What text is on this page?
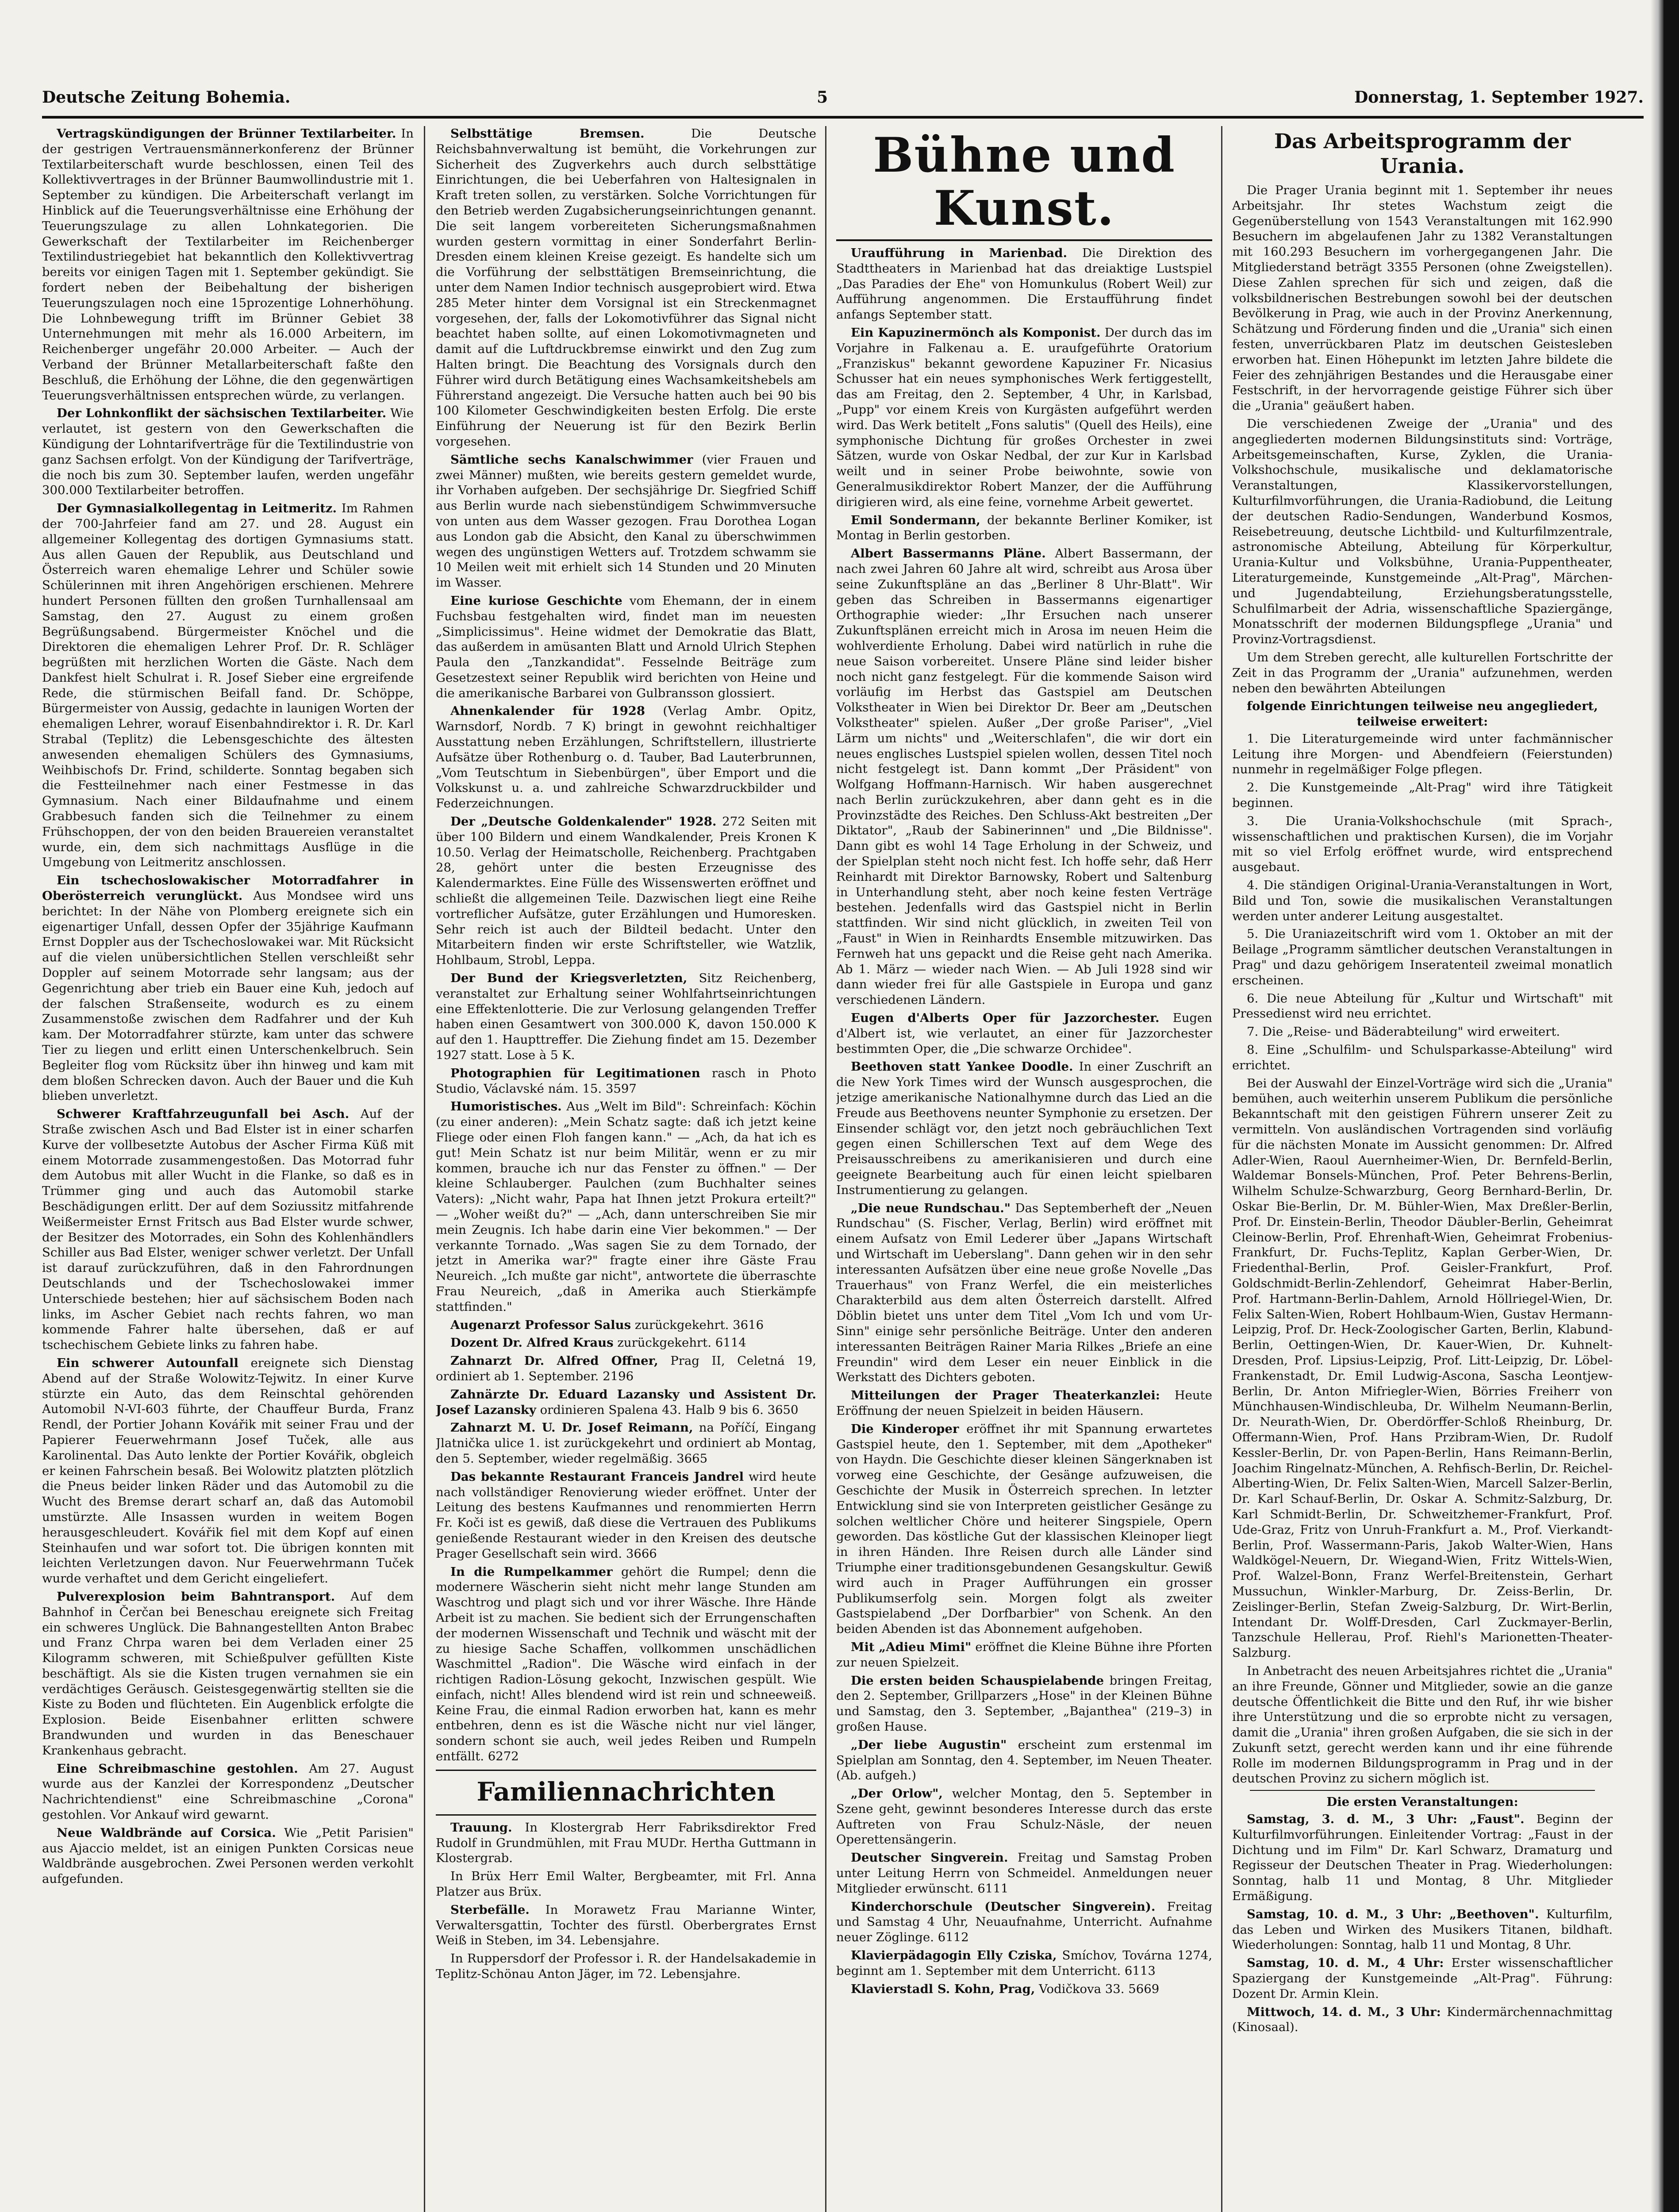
Deutsche Zeitung Bohemia.	5	Donnerstag, 1. September 1927.
Vertragskündigungen der Brünner Textilarbeiter. In der gestrigen Vertrauensmännerkonferenz der Brünner Textilarbeiterschaft wurde beschlossen, einen Teil des Kollektivvertrages in der Brünner Baumwollindustrie mit 1. September zu kündigen. Die Arbeiterschaft verlangt im Hinblick auf die Teuerungsverhältnisse eine Erhöhung der Teuerungszulage zu allen Lohnkategorien. Die Gewerkschaft der Textilarbeiter im Reichenberger Textilindustriegebiet hat bekanntlich den Kollektivvertrag bereits vor einigen Tagen mit 1. September gekündigt. Sie fordert neben der Beibehaltung der bisherigen Teuerungszulagen noch eine 15prozentige Lohnerhöhung. Die Lohnbewegung trifft im Brünner Gebiet 38 Unternehmungen mit mehr als 16.000 Arbeitern, im Reichenberger ungefähr 20.000 Arbeiter. — Auch der Verband der Brünner Metallarbeiterschaft faßte den Beschluß, die Erhöhung der Löhne, die den gegenwärtigen Teuerungsverhältnissen entsprechen würde, zu verlangen.
Der Lohnkonflikt der sächsischen Textilarbeiter. Wie verlautet, ist gestern von den Gewerkschaften die Kündigung der Lohntarifverträge für die Textilindustrie von ganz Sachsen erfolgt. Von der Kündigung der Tarifverträge, die noch bis zum 30. September laufen, werden ungefähr 300.000 Textilarbeiter betroffen.
Der Gymnasialkollegentag in Leitmeritz. Im Rahmen der 700-Jahrfeier fand am 27. und 28. August ein allgemeiner Kollegentag des dortigen Gymnasiums statt. Aus allen Gauen der Republik, aus Deutschland und Österreich waren ehemalige Lehrer und Schüler sowie Schülerinnen mit ihren Angehörigen erschienen. Mehrere hundert Personen füllten den großen Turnhallensaal am Samstag, den 27. August zu einem großen Begrüßungsabend. Bürgermeister Knöchel und die Direktoren die ehemaligen Lehrer Prof. Dr. R. Schläger begrüßten mit herzlichen Worten die Gäste. Nach dem Dankfest hielt Schulrat i. R. Josef Sieber eine ergreifende Rede, die stürmischen Beifall fand. Dr. Schöppe, Bürgermeister von Aussig, gedachte in launigen Worten der ehemaligen Lehrer, worauf Eisenbahndirektor i. R. Dr. Karl Strabal (Teplitz) die Lebensgeschichte des ältesten anwesenden ehemaligen Schülers des Gymnasiums, Weihbischofs Dr. Frind, schilderte. Sonntag begaben sich die Festteilnehmer nach einer Festmesse in das Gymnasium. Nach einer Bildaufnahme und einem Grabbesuch fanden sich die Teilnehmer zu einem Frühschoppen, der von den beiden Brauereien veranstaltet wurde, ein, dem sich nachmittags Ausflüge in die Umgebung von Leitmeritz anschlossen.
Ein tschechoslowakischer Motorradfahrer in Oberösterreich verunglückt. Aus Mondsee wird uns berichtet: In der Nähe von Plomberg ereignete sich ein eigenartiger Unfall, dessen Opfer der 35jährige Kaufmann Ernst Doppler aus der Tschechoslowakei war. Mit Rücksicht auf die vielen unübersichtlichen Stellen verschleißt sehr Doppler auf seinem Motorrade sehr langsam; aus der Gegenrichtung aber trieb ein Bauer eine Kuh, jedoch auf der falschen Straßenseite, wodurch es zu einem Zusammenstoße zwischen dem Radfahrer und der Kuh kam. Der Motorradfahrer stürzte, kam unter das schwere Tier zu liegen und erlitt einen Unterschenkelbruch. Sein Begleiter flog vom Rücksitz über ihn hinweg und kam mit dem bloßen Schrecken davon. Auch der Bauer und die Kuh blieben unverletzt.
Schwerer Kraftfahrzeugunfall bei Asch. Auf der Straße zwischen Asch und Bad Elster ist in einer scharfen Kurve der vollbesetzte Autobus der Ascher Firma Küß mit einem Motorrade zusammengestoßen. Das Motorrad fuhr dem Autobus mit aller Wucht in die Flanke, so daß es in Trümmer ging und auch das Automobil starke Beschädigungen erlitt. Der auf dem Soziussitz mitfahrende Weißermeister Ernst Fritsch aus Bad Elster wurde schwer, der Besitzer des Motorrades, ein Sohn des Kohlenhändlers Schiller aus Bad Elster, weniger schwer verletzt. Der Unfall ist darauf zurückzuführen, daß in den Fahrordnungen Deutschlands und der Tschechoslowakei immer Unterschiede bestehen; hier auf sächsischem Boden nach links, im Ascher Gebiet nach rechts fahren, wo man kommende Fahrer halte übersehen, daß er auf tschechischem Gebiete links zu fahren habe.
Ein schwerer Autounfall ereignete sich Dienstag Abend auf der Straße Wolowitz-Tejwitz. In einer Kurve stürzte ein Auto, das dem Reinschtal gehörenden Automobil N-VI-603 führte, der Chauffeur Burda, Franz Rendl, der Portier Johann Kovářik mit seiner Frau und der Papierer Feuerwehrmann Josef Tuček, alle aus Karolinental. Das Auto lenkte der Portier Kovářik, obgleich er keinen Fahrschein besaß. Bei Wolowitz platzten plötzlich die Pneus beider linken Räder und das Automobil zu die Wucht des Bremse derart scharf an, daß das Automobil umstürzte. Alle Insassen wurden in weitem Bogen herausgeschleudert. Kovářik fiel mit dem Kopf auf einen Steinhaufen und war sofort tot. Die übrigen konnten mit leichten Verletzungen davon. Nur Feuerwehrmann Tuček wurde verhaftet und dem Gericht eingeliefert.
Pulverexplosion beim Bahntransport. Auf dem Bahnhof in Čerčan bei Beneschau ereignete sich Freitag ein schweres Unglück. Die Bahnangestellten Anton Brabec und Franz Chrpa waren bei dem Verladen einer 25 Kilogramm schweren, mit Schießpulver gefüllten Kiste beschäftigt. Als sie die Kisten trugen vernahmen sie ein verdächtiges Geräusch. Geistesgegenwärtig stellten sie die Kiste zu Boden und flüchteten. Ein Augenblick erfolgte die Explosion. Beide Eisenbahner erlitten schwere Brandwunden und wurden in das Beneschauer Krankenhaus gebracht.
Eine Schreibmaschine gestohlen. Am 27. August wurde aus der Kanzlei der Korrespondenz „Deutscher Nachrichtendienst" eine Schreibmaschine „Corona" gestohlen. Vor Ankauf wird gewarnt.
Neue Waldbrände auf Corsica. Wie „Petit Parisien" aus Ajaccio meldet, ist an einigen Punkten Corsicas neue Waldbrände ausgebrochen. Zwei Personen werden verkohlt aufgefunden.
Selbsttätige Bremsen.	Die Deutsche Reichsbahnverwaltung ist bemüht, die Vorkehrungen zur Sicherheit des Zugverkehrs auch durch selbsttätige Einrichtungen, die bei Ueberfahren von Haltesignalen in Kraft treten sollen, zu verstärken. Solche Vorrichtungen für den Betrieb werden Zugabsicherungseinrichtungen genannt. Die seit langem vorbereiteten Sicherungsmaßnahmen wurden gestern vormittag in einer Sonderfahrt Berlin-Dresden einem kleinen Kreise gezeigt. Es handelte sich um die Vorführung der selbsttätigen Bremseinrichtung, die unter dem Namen Indior technisch ausgeprobiert wird. Etwa 285 Meter hinter dem Vorsignal ist ein Streckenmagnet vorgesehen, der, falls der Lokomotivführer das Signal nicht beachtet haben sollte, auf einen Lokomotivmagneten und damit auf die Luftdruckbremse einwirkt und den Zug zum Halten bringt. Die Beachtung des Vorsignals durch den Führer wird durch Betätigung eines Wachsamkeitshebels am Führerstand angezeigt. Die Versuche hatten auch bei 90 bis 100 Kilometer Geschwindigkeiten besten Erfolg. Die erste Einführung der Neuerung ist für den Bezirk Berlin vorgesehen.
Sämtliche sechs Kanalschwimmer (vier Frauen und zwei Männer) mußten, wie bereits gestern gemeldet wurde, ihr Vorhaben aufgeben. Der sechsjährige Dr. Siegfried Schiff aus Berlin wurde nach siebenstündigem Schwimmversuche von unten aus dem Wasser gezogen. Frau Dorothea Logan aus London gab die Absicht, den Kanal zu überschwimmen wegen des ungünstigen Wetters auf. Trotzdem schwamm sie 10 Meilen weit mit erhielt sich 14 Stunden und 20 Minuten im Wasser.
Eine kuriose Geschichte vom Ehemann, der in einem Fuchsbau festgehalten wird, findet man im neuesten „Simplicissimus". Heine widmet der Demokratie das Blatt, das außerdem in amüsanten Blatt und Arnold Ulrich Stephen Paula den „Tanzkandidat". Fesselnde Beiträge zum Gesetzestext seiner Republik wird berichten von Heine und die amerikanische Barbarei von Gulbransson glossiert.
Ahnenkalender für 1928 (Verlag Ambr. Opitz, Warnsdorf, Nordb. 7 K) bringt in gewohnt reichhaltiger Ausstattung neben Erzählungen, Schriftstellern, illustrierte Aufsätze über Rothenburg o. d. Tauber, Bad Lauterbrunnen, „Vom Teutschtum in Siebenbürgen", über Emport und die Volkskunst u. a. und zahlreiche Schwarzdruckbilder und Federzeichnungen.
Der „Deutsche Goldenkalender" 1928. 272 Seiten mit über 100 Bildern und einem Wandkalender, Preis Kronen K 10.50. Verlag der Heimatscholle, Reichenberg. Prachtgaben 28, gehört unter die besten Erzeugnisse des Kalendermarktes. Eine Fülle des Wissenswerten eröffnet und schließt die allgemeinen Teile. Dazwischen liegt eine Reihe vortreflicher Aufsätze, guter Erzählungen und Humoresken. Sehr reich ist auch der Bildteil bedacht. Unter den Mitarbeitern finden wir erste Schriftsteller, wie Watzlik, Hohlbaum, Strobl, Leppa.
Der Bund der Kriegsverletzten, Sitz Reichenberg, veranstaltet zur Erhaltung seiner Wohlfahrtseinrichtungen eine Effektenlotterie. Die zur Verlosung gelangenden Treffer haben einen Gesamtwert von 300.000 K, davon 150.000 K auf den 1. Haupttreffer. Die Ziehung findet am 15. Dezember 1927 statt. Lose à 5 K.
Photographien für Legitimationen rasch in Photo Studio, Václavské nám. 15. 3597
Humoristisches. Aus „Welt im Bild": Schreinfach: Köchin (zu einer anderen): „Mein Schatz sagte: daß ich jetzt keine Fliege oder einen Floh fangen kann." — „Ach, da hat ich es gut! Mein Schatz ist nur beim Militär, wenn er zu mir kommen, brauche ich nur das Fenster zu öffnen." — Der kleine Schlauberger. Paulchen (zum Buchhalter seines Vaters): „Nicht wahr, Papa hat Ihnen jetzt Prokura erteilt?" — „Woher weißt du?" — „Ach, dann unterschreiben Sie mir mein Zeugnis. Ich habe darin eine Vier bekommen." — Der verkannte Tornado. „Was sagen Sie zu dem Tornado, der jetzt in Amerika war?" fragte einer ihre Gäste Frau Neureich. „Ich mußte gar nicht", antwortete die überraschte Frau Neureich, „daß in Amerika auch Stierkämpfe stattfinden."
Augenarzt Professor Salus zurückgekehrt. 3616
Dozent Dr. Alfred Kraus zurückgekehrt. 6114
Zahnarzt Dr. Alfred Offner, Prag II, Celetná 19, ordiniert ab 1. September. 2196
Zahnärzte Dr. Eduard Lazansky und Assistent Dr. Josef Lazansky ordinieren Spalena 43. Halb 9 bis 6. 3650
Zahnarzt M. U. Dr. Josef Reimann, na Poříčí, Eingang Jlatnička ulice 1. ist zurückgekehrt und ordiniert ab Montag, den 5. September, wieder regelmäßig. 3665
Das bekannte Restaurant Franceis Jandrel wird heute nach vollständiger Renovierung wieder eröffnet. Unter der Leitung des bestens Kaufmannes und renommierten Herrn Fr. Koči ist es gewiß, daß diese die Vertrauen des Publikums genießende Restaurant wieder in den Kreisen des deutsche Prager Gesellschaft sein wird. 3666
In die Rumpelkammer gehört die Rumpel; denn die modernere Wäscherin sieht nicht mehr lange Stunden am Waschtrog und plagt sich und vor ihrer Wäsche. Ihre Hände Arbeit ist zu machen. Sie bedient sich der Errungenschaften der modernen Wissenschaft und Technik und wäscht mit der zu hiesige Sache Schaffen, vollkommen unschädlichen Waschmittel „Radion". Die Wäsche wird einfach in der richtigen Radion-Lösung gekocht, Inzwischen gespült. Wie einfach, nicht! Alles blendend wird ist rein und schneeweiß. Keine Frau, die einmal Radion erworben hat, kann es mehr entbehren, denn es ist die Wäsche nicht nur viel länger, sondern schont sie auch, weil jedes Reiben und Rumpeln entfällt. 6272
Familiennachrichten
Trauung. In Klostergrab Herr Fabriksdirektor Fred Rudolf in Grundmühlen, mit Frau MUDr. Hertha Guttmann in Klostergrab.
In Brüx Herr Emil Walter, Bergbeamter, mit Frl. Anna Platzer aus Brüx.
Sterbefälle. In Morawetz Frau Marianne Winter, Verwaltersgattin, Tochter des fürstl. Oberbergrates Ernst Weiß in Steben, im 34. Lebensjahre.
In Ruppersdorf der Professor i. R. der Handelsakademie in Teplitz-Schönau Anton Jäger, im 72. Lebensjahre.
Bühne und Kunst.
Uraufführung in Marienbad. Die Direktion des Stadttheaters in Marienbad hat das dreiaktige Lustspiel „Das Paradies der Ehe" von Homunkulus (Robert Weil) zur Aufführung angenommen. Die Erstaufführung findet anfangs September statt.
Ein Kapuzinermönch als Komponist. Der durch das im Vorjahre in Falkenau a. E. uraufgeführte Oratorium „Franziskus" bekannt gewordene Kapuziner Fr. Nicasius Schusser hat ein neues symphonisches Werk fertiggestellt, das am Freitag, den 2. September, 4 Uhr, in Karlsbad, „Pupp" vor einem Kreis von Kurgästen aufgeführt werden wird. Das Werk betitelt „Fons salutis" (Quell des Heils), eine symphonische Dichtung für großes Orchester in zwei Sätzen, wurde von Oskar Nedbal, der zur Kur in Karlsbad weilt und in seiner Probe beiwohnte, sowie von Generalmusikdirektor Robert Manzer, der die Aufführung dirigieren wird, als eine feine, vornehme Arbeit gewertet.
Emil Sondermann, der bekannte Berliner Komiker, ist Montag in Berlin gestorben.
Albert Bassermanns Pläne. Albert Bassermann, der nach zwei Jahren 60 Jahre alt wird, schreibt aus Arosa über seine Zukunftspläne an das „Berliner 8 Uhr-Blatt". Wir geben das Schreiben in Bassermanns eigenartiger Orthographie wieder: „Ihr Ersuchen nach unserer Zukunftsplänen erreicht mich in Arosa im neuen Heim die wohlverdiente Erholung. Dabei wird natürlich in ruhe die neue Saison vorbereitet. Unsere Pläne sind leider bisher noch nicht ganz festgelegt. Für die kommende Saison wird vorläufig im Herbst das Gastspiel am Deutschen Volkstheater in Wien bei Direktor Dr. Beer am „Deutschen Volkstheater" spielen. Außer „Der große Pariser", „Viel Lärm um nichts" und „Weiterschlafen", die wir dort ein neues englisches Lustspiel spielen wollen, dessen Titel noch nicht festgelegt ist. Dann kommt „Der Präsident" von Wolfgang Hoffmann-Harnisch. Wir haben ausgerechnet nach Berlin zurückzukehren, aber dann geht es in die Provinzstädte des Reiches. Den Schluss-Akt bestreiten „Der Diktator", „Raub der Sabinerinnen" und „Die Bildnisse". Dann gibt es wohl 14 Tage Erholung in der Schweiz, und der Spielplan steht noch nicht fest. Ich hoffe sehr, daß Herr Reinhardt mit Direktor Barnowsky, Robert und Saltenburg in Unterhandlung steht, aber noch keine festen Verträge bestehen. Jedenfalls wird das Gastspiel nicht in Berlin stattfinden. Wir sind nicht glücklich, in zweiten Teil von „Faust" in Wien in Reinhardts Ensemble mitzuwirken. Das Fernweh hat uns gepackt und die Reise geht nach Amerika. Ab 1. März — wieder nach Wien. — Ab Juli 1928 sind wir dann wieder frei für alle Gastspiele in Europa und ganz verschiedenen Ländern.
Eugen d'Alberts Oper für Jazzorchester. Eugen d'Albert ist, wie verlautet, an einer für Jazzorchester bestimmten Oper, die „Die schwarze Orchidee".
Beethoven statt Yankee Doodle. In einer Zuschrift an die New York Times wird der Wunsch ausgesprochen, die jetzige amerikanische Nationalhymne durch das Lied an die Freude aus Beethovens neunter Symphonie zu ersetzen. Der Einsender schlägt vor, den jetzt noch gebräuchlichen Text gegen einen Schillerschen Text auf dem Wege des Preisausschreibens zu amerikanisieren und durch eine geeignete Bearbeitung auch für einen leicht spielbaren Instrumentierung zu gelangen.
„Die neue Rundschau." Das Septemberheft der „Neuen Rundschau" (S. Fischer, Verlag, Berlin) wird eröffnet mit einem Aufsatz von Emil Lederer über „Japans Wirtschaft und Wirtschaft im Ueberslang". Dann gehen wir in den sehr interessanten Aufsätzen über eine neue große Novelle „Das Trauerhaus" von Franz Werfel, die ein meisterliches Charakterbild aus dem alten Österreich darstellt. Alfred Döblin bietet uns unter dem Titel „Vom Ich und vom Ur-Sinn" einige sehr persönliche Beiträge. Unter den anderen interessanten Beiträgen Rainer Maria Rilkes „Briefe an eine Freundin" wird dem Leser ein neuer Einblick in die Werkstatt des Dichters geboten.
Mitteilungen der Prager Theaterkanzlei: Heute Eröffnung der neuen Spielzeit in beiden Häusern.
Die Kinderoper eröffnet ihr mit Spannung erwartetes Gastspiel heute, den 1. September, mit dem „Apotheker" von Haydn. Die Geschichte dieser kleinen Sängerknaben ist vorweg eine Geschichte, der Gesänge aufzuweisen, die Geschichte der Musik in Österreich sprechen. In letzter Entwicklung sind sie von Interpreten geistlicher Gesänge zu solchen weltlicher Chöre und heiterer Singspiele, Opern geworden. Das köstliche Gut der klassischen Kleinoper liegt in ihren Händen. Ihre Reisen durch alle Länder sind Triumphe einer traditionsgebundenen Gesangskultur. Gewiß wird auch in Prager Aufführungen ein grosser Publikumserfolg sein. Morgen folgt als zweiter Gastspielabend „Der Dorfbarbier" von Schenk. An den beiden Abenden ist das Abonnement aufgehoben.
Mit „Adieu Mimi" eröffnet die Kleine Bühne ihre Pforten zur neuen Spielzeit.
Die ersten beiden Schauspielabende bringen Freitag, den 2. September, Grillparzers „Hose" in der Kleinen Bühne und Samstag, den 3. September, „Bajanthea" (219–3) in großen Hause.
„Der liebe Augustin" erscheint zum erstenmal im Spielplan am Sonntag, den 4. September, im Neuen Theater. (Ab. aufgeh.)
„Der Orlow", welcher Montag, den 5. September in Szene geht, gewinnt besonderes Interesse durch das erste Auftreten von Frau Schulz-Näsle, der neuen Operettensängerin.
Deutscher Singverein. Freitag und Samstag Proben unter Leitung Herrn von Schmeidel. Anmeldungen neuer Mitglieder erwünscht. 6111
Kinderchorschule (Deutscher Singverein). Freitag und Samstag 4 Uhr, Neuaufnahme, Unterricht. Aufnahme neuer Zöglinge. 6112
Klavierpädagogin Elly Cziska, Smíchov, Továrna 1274, beginnt am 1. September mit dem Unterricht. 6113
Klavierstadl S. Kohn, Prag, Vodičkova 33. 5669
Das Arbeitsprogramm der Urania.
Die Prager Urania beginnt mit 1. September ihr neues Arbeitsjahr. Ihr stetes Wachstum zeigt die Gegenüberstellung von 1543 Veranstaltungen mit 162.990 Besuchern im abgelaufenen Jahr zu 1382 Veranstaltungen mit 160.293 Besuchern im vorhergegangenen Jahr. Die Mitgliederstand beträgt 3355 Personen (ohne Zweigstellen). Diese Zahlen sprechen für sich und zeigen, daß die volksbildnerischen Bestrebungen sowohl bei der deutschen Bevölkerung in Prag, wie auch in der Provinz Anerkennung, Schätzung und Förderung finden und die „Urania" sich einen festen, unverrückbaren Platz im deutschen Geistesleben erworben hat. Einen Höhepunkt im letzten Jahre bildete die Feier des zehnjährigen Bestandes und die Herausgabe einer Festschrift, in der hervorragende geistige Führer sich über die „Urania" geäußert haben.
Die verschiedenen Zweige der „Urania" und des angegliederten modernen Bildungsinstituts sind: Vorträge, Arbeitsgemeinschaften, Kurse, Zyklen, die Urania-Volkshochschule, musikalische und deklamatorische Veranstaltungen, Klassikervorstellungen, Kulturfilmvorführungen, die Urania-Radiobund, die Leitung der deutschen Radio-Sendungen, Wanderbund Kosmos, Reisebetreuung, deutsche Lichtbild- und Kulturfilmzentrale, astronomische Abteilung, Abteilung für Körperkultur, Urania-Kultur und Volksbühne, Urania-Puppentheater, Literaturgemeinde, Kunstgemeinde „Alt-Prag", Märchen- und Jugendabteilung, Erziehungsberatungsstelle, Schulfilmarbeit der Adria, wissenschaftliche Spaziergänge, Monatsschrift der modernen Bildungspflege „Urania" und Provinz-Vortragsdienst.
Um dem Streben gerecht, alle kulturellen Fortschritte der Zeit in das Programm der „Urania" aufzunehmen, werden neben den bewährten Abteilungen
folgende Einrichtungen teilweise neu angegliedert, teilweise erweitert:
1. Die Literaturgemeinde wird unter fachmännischer Leitung ihre Morgen- und Abendfeiern (Feierstunden) nunmehr in regelmäßiger Folge pflegen.
2. Die Kunstgemeinde „Alt-Prag" wird ihre Tätigkeit beginnen.
3. Die Urania-Volkshochschule (mit Sprach-, wissenschaftlichen und praktischen Kursen), die im Vorjahr mit so viel Erfolg eröffnet wurde, wird entsprechend ausgebaut.
4. Die ständigen Original-Urania-Veranstaltungen in Wort, Bild und Ton, sowie die musikalischen Veranstaltungen werden unter anderer Leitung ausgestaltet.
5. Die Uraniazeitschrift wird vom 1. Oktober an mit der Beilage „Programm sämtlicher deutschen Veranstaltungen in Prag" und dazu gehörigem Inseratenteil zweimal monatlich erscheinen.
6. Die neue Abteilung für „Kultur und Wirtschaft" mit Pressedienst wird neu errichtet.
7. Die „Reise- und Bäderabteilung" wird erweitert.
8. Eine „Schulfilm- und Schulsparkasse-Abteilung" wird errichtet.
Bei der Auswahl der Einzel-Vorträge wird sich die „Urania" bemühen, auch weiterhin unserem Publikum die persönliche Bekanntschaft mit den geistigen Führern unserer Zeit zu vermitteln. Von ausländischen Vortragenden sind vorläufig für die nächsten Monate im Aussicht genommen: Dr. Alfred Adler-Wien, Raoul Auernheimer-Wien, Dr. Bernfeld-Berlin, Waldemar Bonsels-München, Prof. Peter Behrens-Berlin, Wilhelm Schulze-Schwarzburg, Georg Bernhard-Berlin, Dr. Oskar Bie-Berlin, Dr. M. Bühler-Wien, Max Dreßler-Berlin, Prof. Dr. Einstein-Berlin, Theodor Däubler-Berlin, Geheimrat Cleinow-Berlin, Prof. Ehrenhaft-Wien, Geheimrat Frobenius-Frankfurt, Dr. Fuchs-Teplitz, Kaplan Gerber-Wien, Dr. Friedenthal-Berlin, Prof. Geisler-Frankfurt, Prof. Goldschmidt-Berlin-Zehlendorf, Geheimrat Haber-Berlin, Prof. Hartmann-Berlin-Dahlem, Arnold Höllriegel-Wien, Dr. Felix Salten-Wien, Robert Hohlbaum-Wien, Gustav Hermann-Leipzig, Prof. Dr. Heck-Zoologischer Garten, Berlin, Klabund-Berlin, Oettingen-Wien, Dr. Kauer-Wien, Dr. Kuhnelt-Dresden, Prof. Lipsius-Leipzig, Prof. Litt-Leipzig, Dr. Löbel-Frankenstadt, Dr. Emil Ludwig-Ascona, Sascha Leontjew-Berlin, Dr. Anton Mifriegler-Wien, Börries Freiherr von Münchhausen-Windischleuba, Dr. Wilhelm Neumann-Berlin, Dr. Neurath-Wien, Dr. Oberdörffer-Schloß Rheinburg, Dr. Offermann-Wien, Prof. Hans Przibram-Wien, Dr. Rudolf Kessler-Berlin, Dr. von Papen-Berlin, Hans Reimann-Berlin, Joachim Ringelnatz-München, A. Rehfisch-Berlin, Dr. Reichel-Alberting-Wien, Dr. Felix Salten-Wien, Marcell Salzer-Berlin, Dr. Karl Schauf-Berlin, Dr. Oskar A. Schmitz-Salzburg, Dr. Karl Schmidt-Berlin, Dr. Schweitzhemer-Frankfurt, Prof. Ude-Graz, Fritz von Unruh-Frankfurt a. M., Prof. Vierkandt-Berlin, Prof. Wassermann-Paris, Jakob Walter-Wien, Hans Waldkögel-Neuern, Dr. Wiegand-Wien, Fritz Wittels-Wien, Prof. Walzel-Bonn, Franz Werfel-Breitenstein, Gerhart Mussuchun, Winkler-Marburg, Dr. Zeiss-Berlin, Dr. Zeislinger-Berlin, Stefan Zweig-Salzburg, Dr. Wirt-Berlin, Intendant Dr. Wolff-Dresden, Carl Zuckmayer-Berlin, Tanzschule Hellerau, Prof. Riehl's Marionetten-Theater-Salzburg.
In Anbetracht des neuen Arbeitsjahres richtet die „Urania" an ihre Freunde, Gönner und Mitglieder, sowie an die ganze deutsche Öffentlichkeit die Bitte und den Ruf, ihr wie bisher ihre Unterstützung und die so erprobte nicht zu versagen, damit die „Urania" ihren großen Aufgaben, die sie sich in der Zukunft setzt, gerecht werden kann und ihr eine führende Rolle im modernen Bildungsprogramm in Prag und in der deutschen Provinz zu sichern möglich ist.
Die ersten Veranstaltungen:
Samstag, 3. d. M., 3 Uhr: „Faust". Beginn der Kulturfilmvorführungen. Einleitender Vortrag: „Faust in der Dichtung und im Film" Dr. Karl Schwarz, Dramaturg und Regisseur der Deutschen Theater in Prag. Wiederholungen: Sonntag, halb 11 und Montag, 8 Uhr. Mitglieder Ermäßigung.
Samstag, 10. d. M., 3 Uhr: „Beethoven". Kulturfilm, das Leben und Wirken des Musikers Titanen, bildhaft. Wiederholungen: Sonntag, halb 11 und Montag, 8 Uhr.
Samstag, 10. d. M., 4 Uhr: Erster wissenschaftlicher Spaziergang der Kunstgemeinde „Alt-Prag". Führung: Dozent Dr. Armin Klein.
Mittwoch, 14. d. M., 3 Uhr: Kindermärchennachmittag (Kinosaal).
